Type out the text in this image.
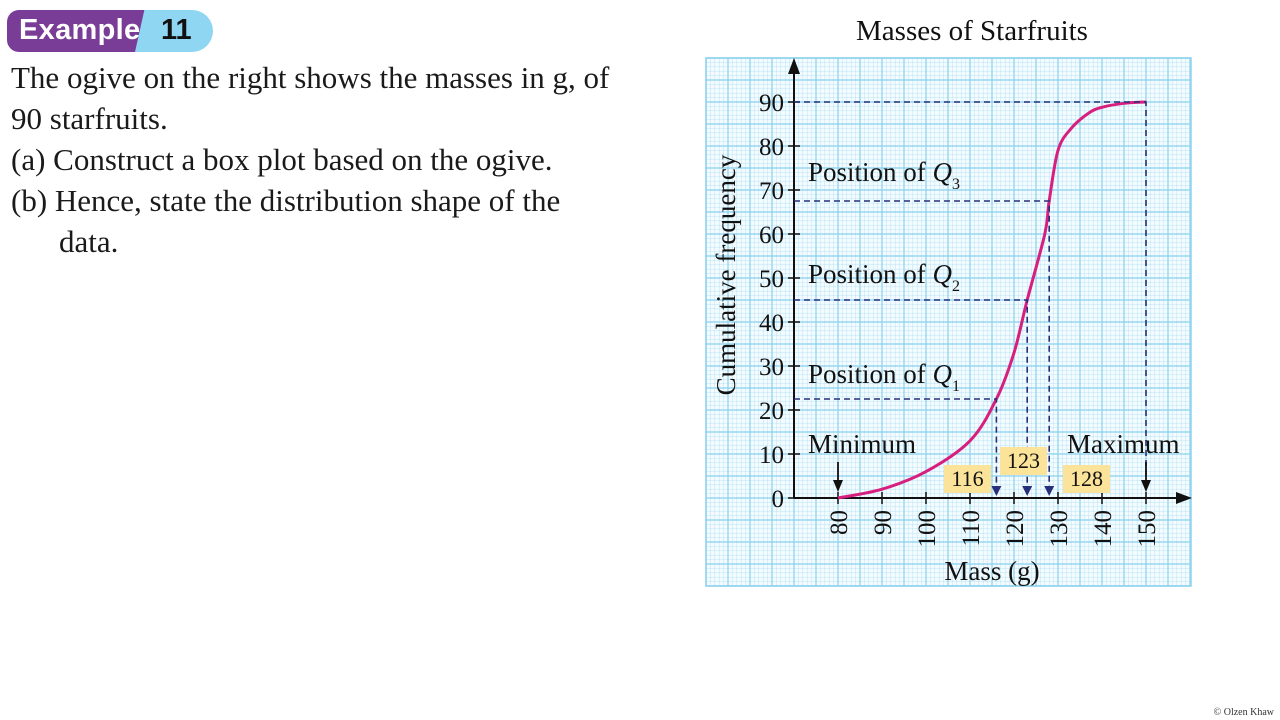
Example 11
The ogive on the right shows the masses in g, of
90 starfruits.
(a) Construct a box plot based on the ogive.
(b) Hence, state the distribution shape of the
data.
Masses of Starfruits
0
10
20
30
40
50
60
70
80
90
80 90 100 110 120 130 140 150
Mass (g)
Cumulative frequency
Minimum	Maximum
Position of $Q_3$
Position of $Q_2$
Position of $Q_1$
116
123
128
© Olzen Khaw
